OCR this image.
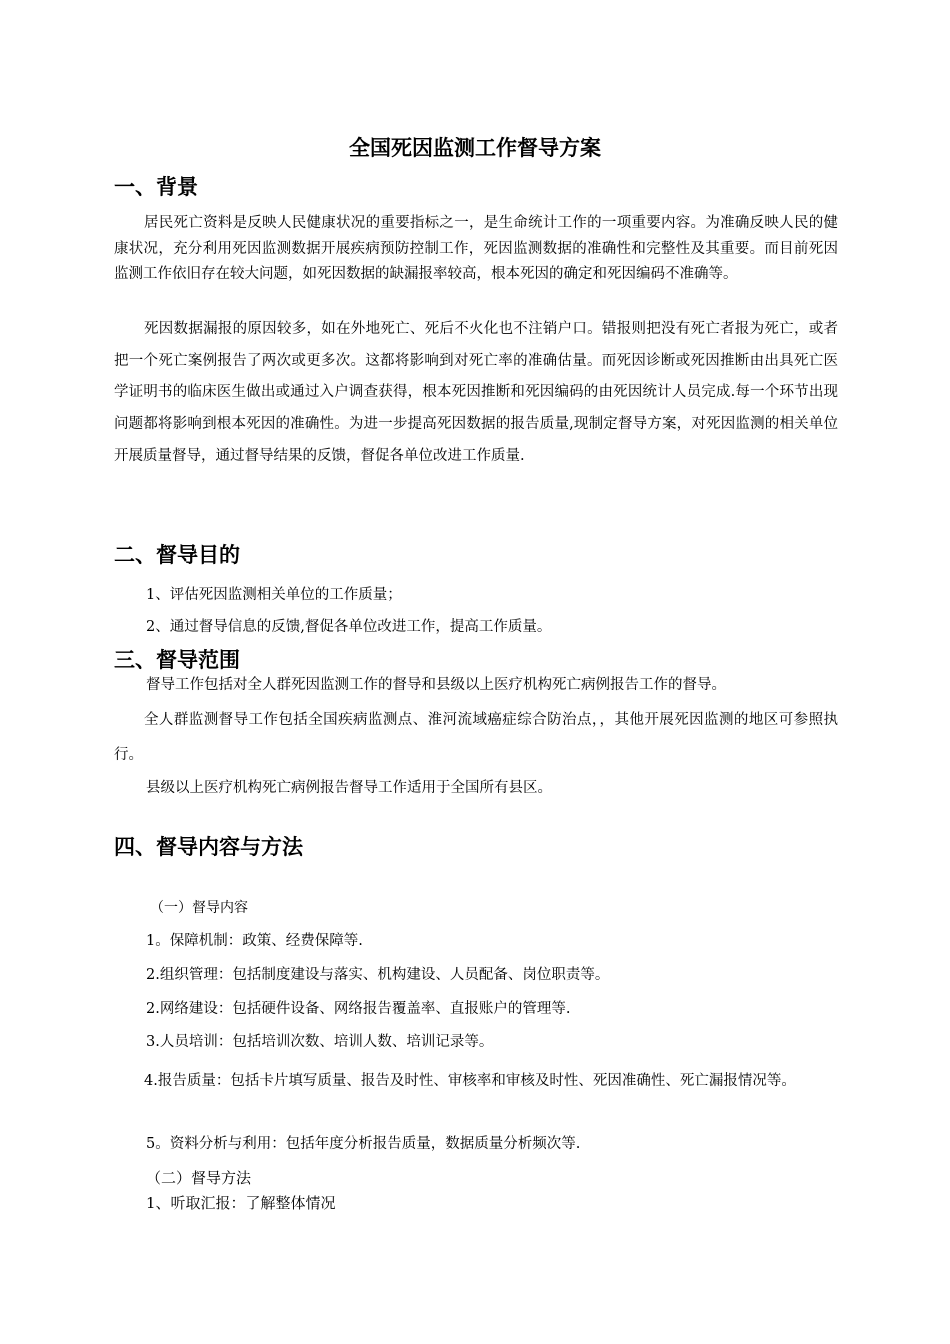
全国死因监测工作督导方案
一、背景

居民死亡资料是反映人民健康状况的重要指标之一，是生命统计工作的一项重要内容。为准确反映人民的健康状况，充分利用死因监测数据开展疾病预防控制工作，死因监测数据的准确性和完整性及其重要。而目前死因监测工作依旧存在较大问题，如死因数据的缺漏报率较高，根本死因的确定和死因编码不准确等。

死因数据漏报的原因较多，如在外地死亡、死后不火化也不注销户口。错报则把没有死亡者报为死亡，或者把一个死亡案例报告了两次或更多次。这都将影响到对死亡率的准确估量。而死因诊断或死因推断由出具死亡医学证明书的临床医生做出或通过入户调查获得，根本死因推断和死因编码的由死因统计人员完成.每一个环节出现问题都将影响到根本死因的准确性。为进一步提高死因数据的报告质量,现制定督导方案，对死因监测的相关单位开展质量督导，通过督导结果的反馈，督促各单位改进工作质量.

二、督导目的

1、评估死因监测相关单位的工作质量；

2、通过督导信息的反馈,督促各单位改进工作，提高工作质量。

三、督导范围

督导工作包括对全人群死因监测工作的督导和县级以上医疗机构死亡病例报告工作的督导。

全人群监测督导工作包括全国疾病监测点、淮河流域癌症综合防治点，，其他开展死因监测的地区可参照执行。

县级以上医疗机构死亡病例报告督导工作适用于全国所有县区。

四、督导内容与方法

（一）督导内容

1。保障机制：政策、经费保障等.

2.组织管理：包括制度建设与落实、机构建设、人员配备、岗位职责等。

2.网络建设：包括硬件设备、网络报告覆盖率、直报账户的管理等.

3.人员培训：包括培训次数、培训人数、培训记录等。

4.报告质量：包括卡片填写质量、报告及时性、审核率和审核及时性、死因准确性、死亡漏报情况等。

5。资料分析与利用：包括年度分析报告质量，数据质量分析频次等.

（二）督导方法

1、听取汇报：了解整体情况
